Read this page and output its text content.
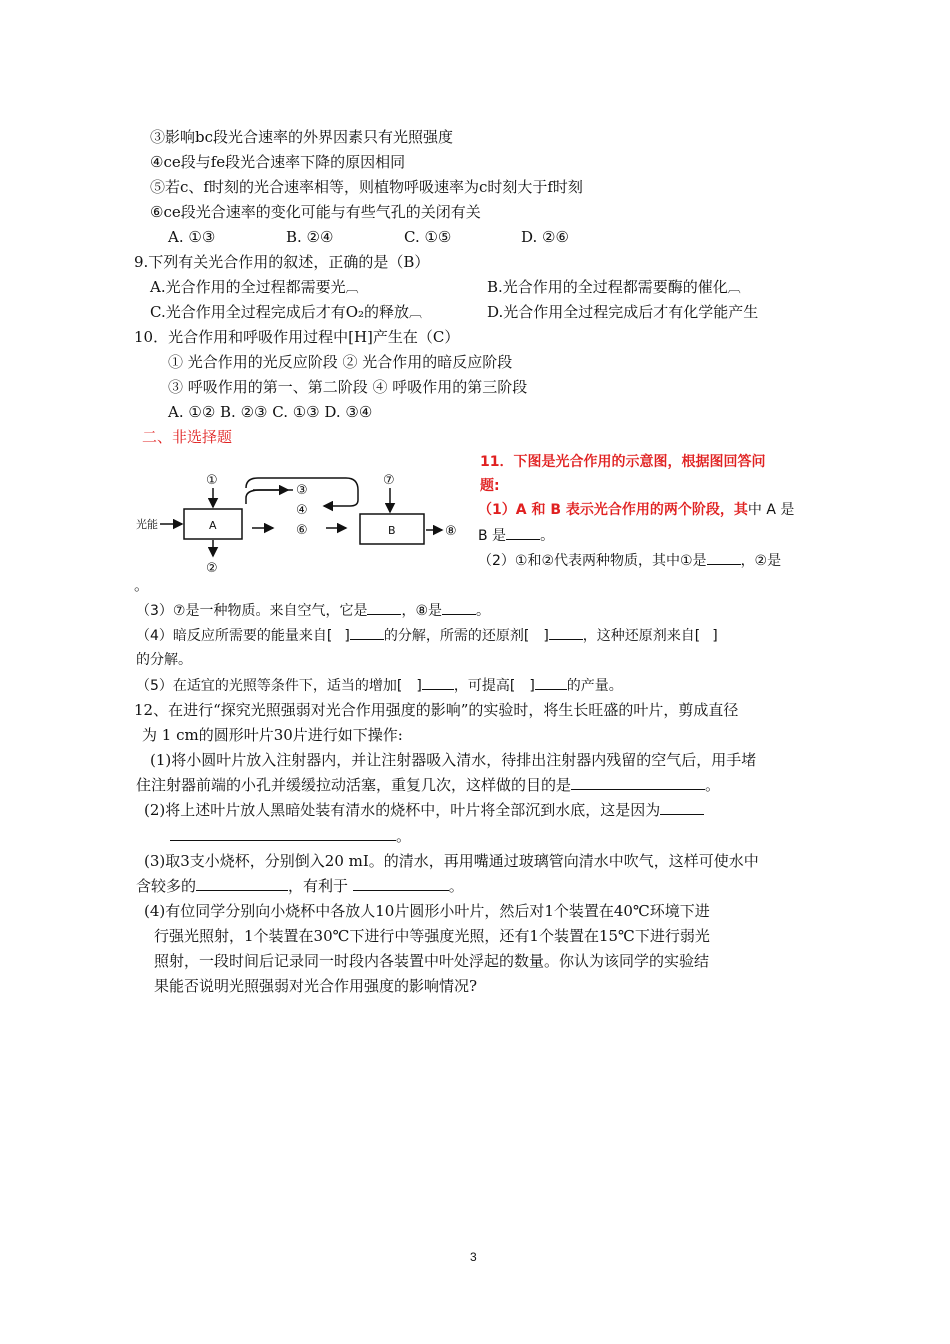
③影响bc段光合速率的外界因素只有光照强度
④ce段与fe段光合速率下降的原因相同
⑤若c、f时刻的光合速率相等，则植物呼吸速率为c时刻大于f时刻
⑥ce段光合速率的变化可能与有些气孔的关闭有关
A. ①③	B. ②④	C. ①⑤	D. ②⑥
9.下列有关光合作用的叙述，正确的是（B）
A.光合作用的全过程都需要光︹	B.光合作用的全过程都需要酶的催化︹
C.光合作用全过程完成后才有O₂的释放︹	D.光合作用全过程完成后才有化学能产生
10．光合作用和呼吸作用过程中[H]产生在（C）
① 光合作用的光反应阶段 ② 光合作用的暗反应阶段
③ 呼吸作用的第一、第二阶段 ④ 呼吸作用的第三阶段
A. ①② B. ②③ C. ①③ D. ③④
二、非选择题
光能	A
①
②
③
④
⑥	B
⑦
⑧
11．下图是光合作用的示意图，根据图回答问
题:
（1）A 和 B 表示光合作用的两个阶段，其中 A 是
B 是 。
（2）①和②代表两种物质，其中①是 ，②是
。
（3）⑦是一种物质。来自空气，它是 ，⑧是 。
（4）暗反应所需要的能量来自[ ] 的分解，所需的还原剂[ ] ，这种还原剂来自[ ]
的分解。
（5）在适宜的光照等条件下，适当的增加[ ] ，可提高[ ] 的产量。
12、在进行“探究光照强弱对光合作用强度的影响”的实验时，将生长旺盛的叶片，剪成直径
为 1 cm的圆形叶片30片进行如下操作:
(1)将小圆叶片放入注射器内，并让注射器吸入清水，待排出注射器内残留的空气后，用手堵
住注射器前端的小孔并缓缓拉动活塞，重复几次，这样做的目的是	。
(2)将上述叶片放人黑暗处装有清水的烧杯中，叶片将全部沉到水底，这是因为
。
(3)取3支小烧杯，分别倒入20 mI。的清水，再用嘴通过玻璃管向清水中吹气，这样可使水中
含较多的	，有利于	。
(4)有位同学分别向小烧杯中各放人10片圆形小叶片，然后对1个装置在40℃环境下进
行强光照射，1个装置在30℃下进行中等强度光照，还有1个装置在15℃下进行弱光
照射，一段时间后记录同一时段内各装置中叶处浮起的数量。你认为该同学的实验结
果能否说明光照强弱对光合作用强度的影响情况?
3
